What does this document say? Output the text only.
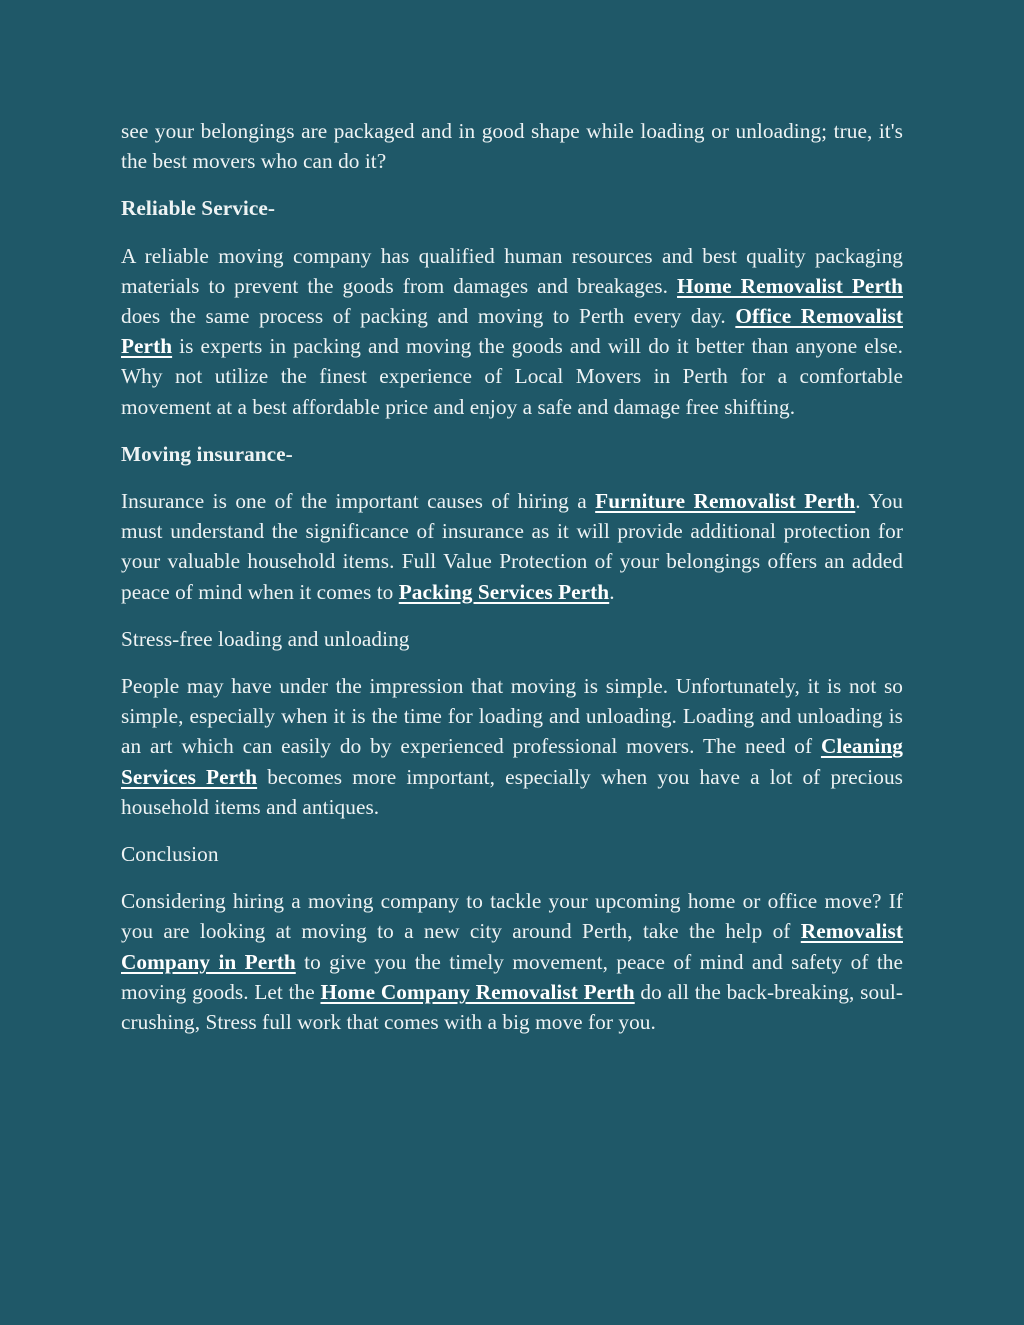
see your belongings are packaged and in good shape while loading or unloading; true, it's the best movers who can do it?

Reliable Service-

A reliable moving company has qualified human resources and best quality packaging materials to prevent the goods from damages and breakages. Home Removalist Perth does the same process of packing and moving to Perth every day. Office Removalist Perth is experts in packing and moving the goods and will do it better than anyone else. Why not utilize the finest experience of Local Movers in Perth for a comfortable movement at a best affordable price and enjoy a safe and damage free shifting.

Moving insurance-

Insurance is one of the important causes of hiring a Furniture Removalist Perth. You must understand the significance of insurance as it will provide additional protection for your valuable household items. Full Value Protection of your belongings offers an added peace of mind when it comes to Packing Services Perth.

Stress-free loading and unloading

People may have under the impression that moving is simple. Unfortunately, it is not so simple, especially when it is the time for loading and unloading. Loading and unloading is an art which can easily do by experienced professional movers. The need of Cleaning Services Perth becomes more important, especially when you have a lot of precious household items and antiques.

Conclusion

Considering hiring a moving company to tackle your upcoming home or office move? If you are looking at moving to a new city around Perth, take the help of Removalist Company in Perth to give you the timely movement, peace of mind and safety of the moving goods. Let the Home Company Removalist Perth do all the back-breaking, soul-crushing, Stress full work that comes with a big move for you.
